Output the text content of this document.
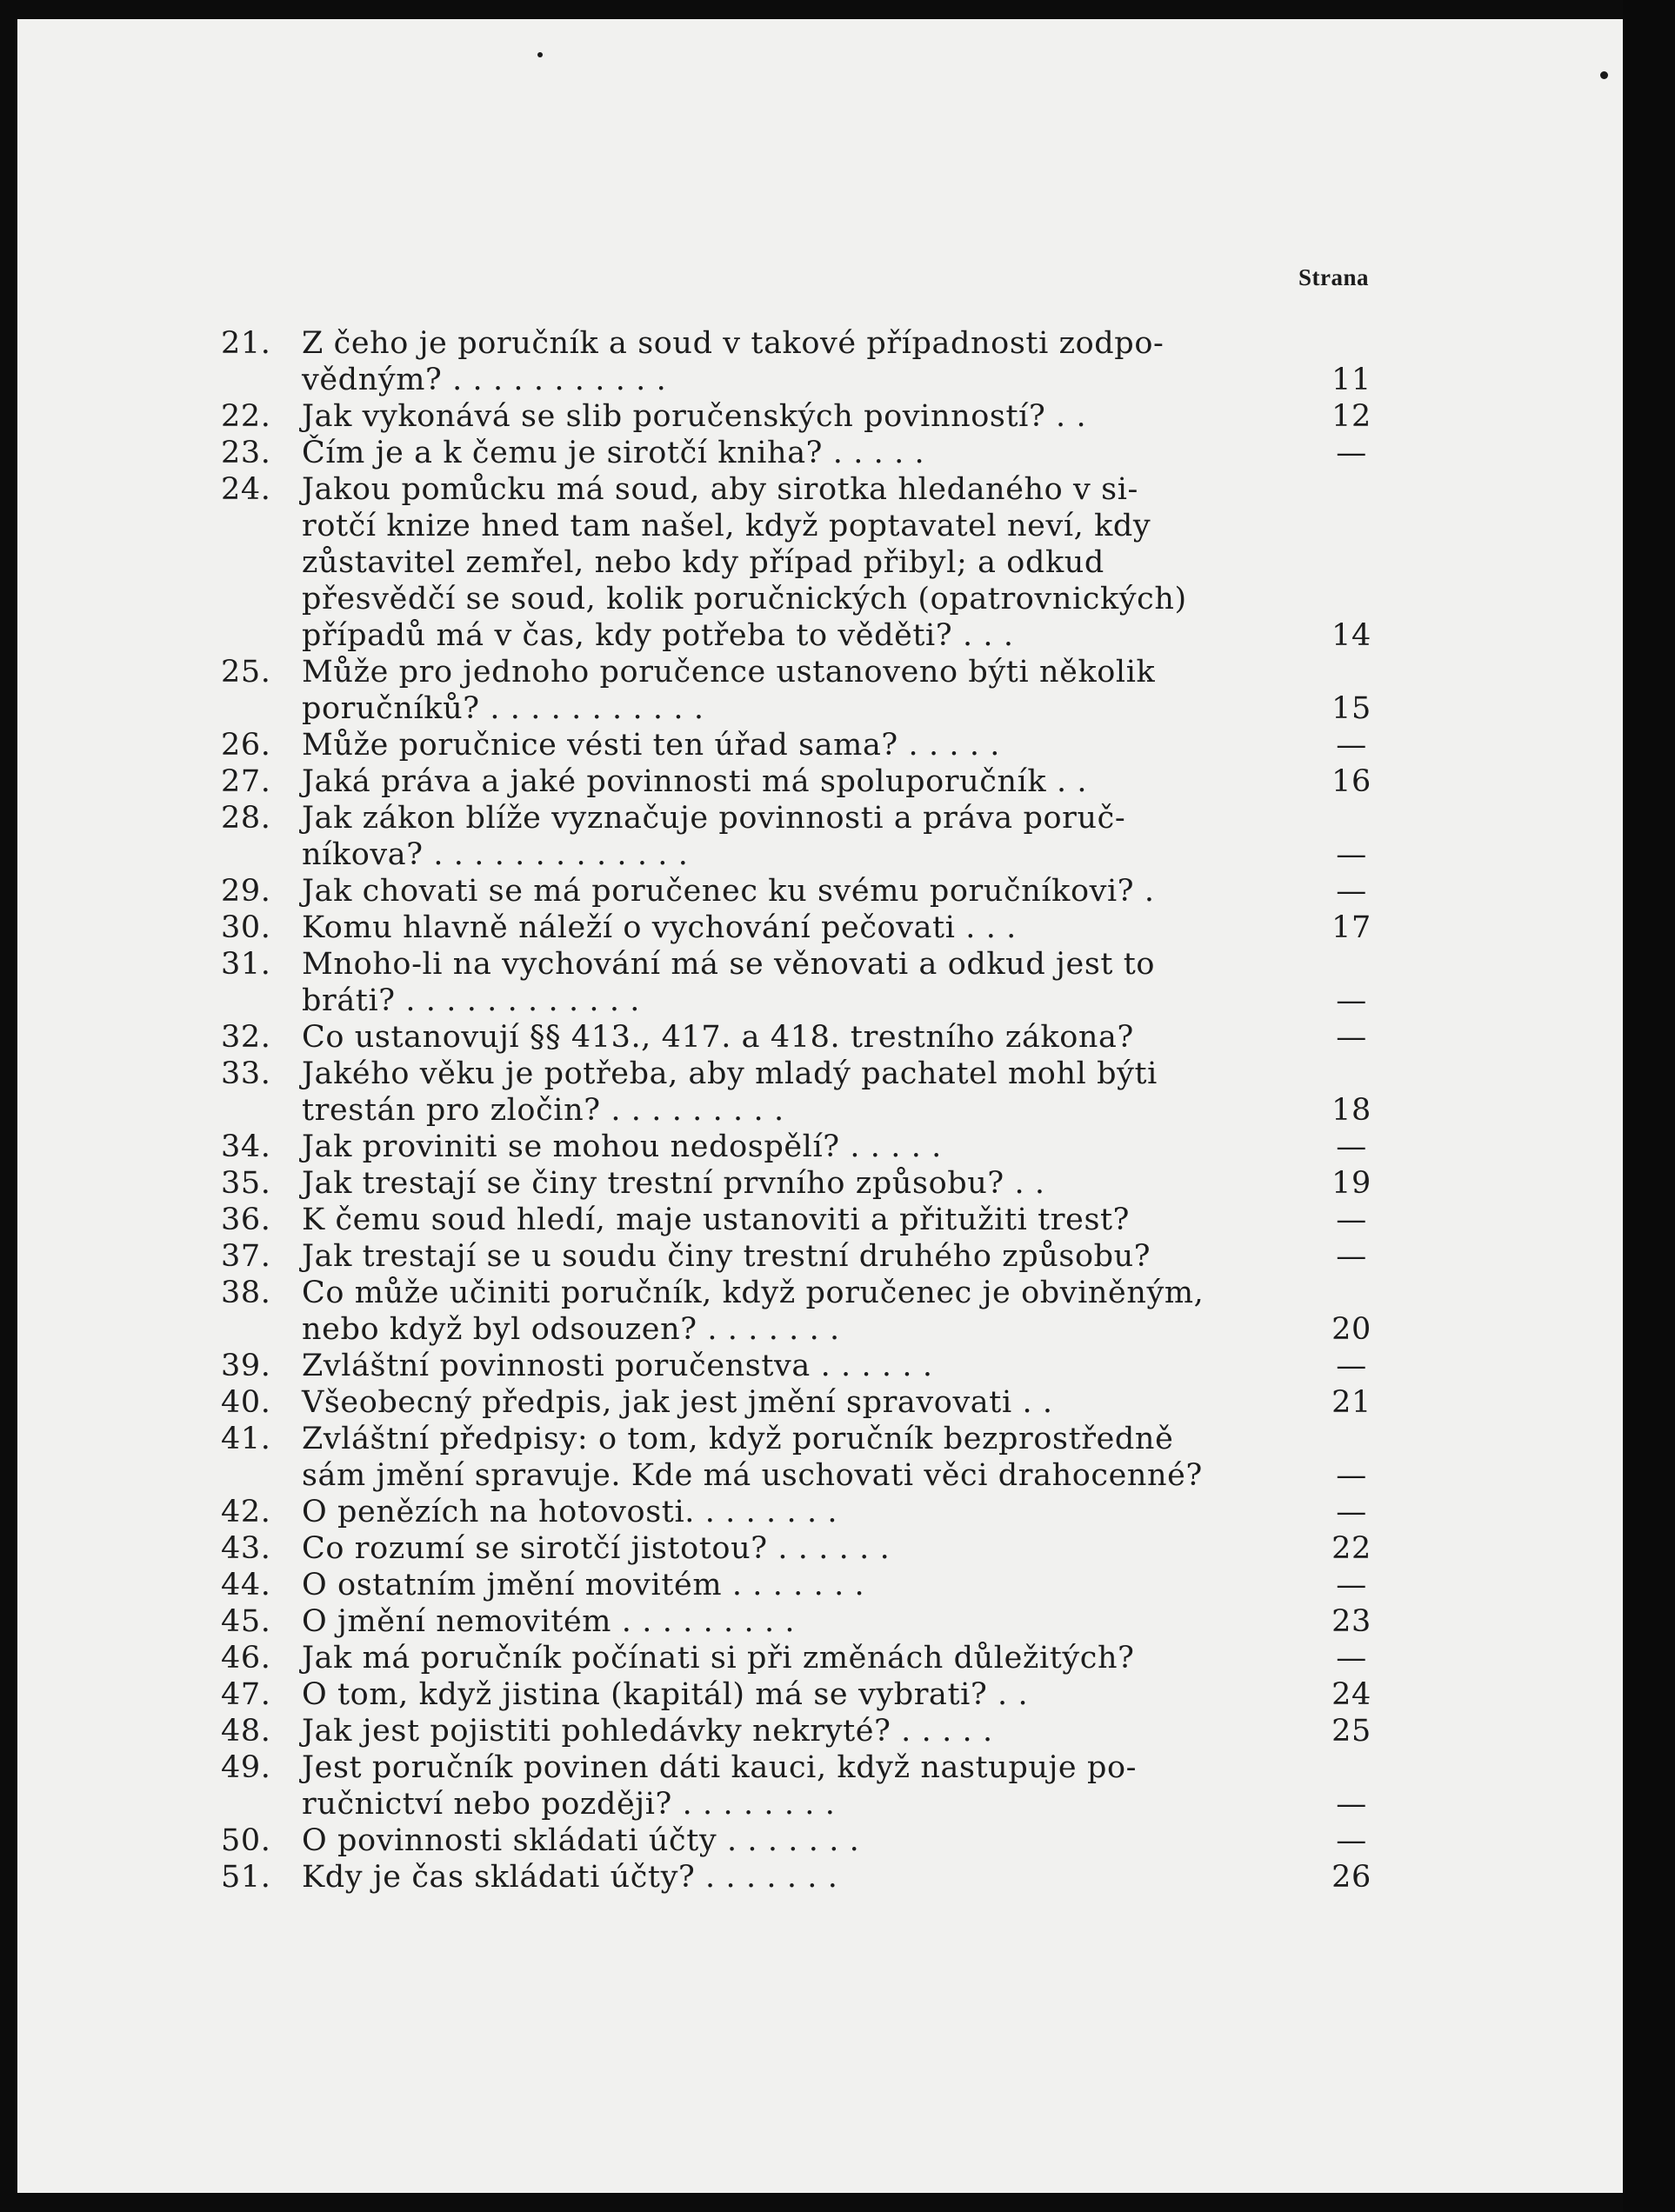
Strana
21.	Z čeho je poručník a soud v takové případnosti zodpo-
vědným? . . . . . . . . . . .	11
22.	Jak vykonává se slib poručenských povinností? . .	12
23.	Čím je a k čemu je sirotčí kniha? . . . . .	—
24.	Jakou pomůcku má soud, aby sirotka hledaného v si-
rotčí knize hned tam našel, když poptavatel neví, kdy
zůstavitel zemřel, nebo kdy případ přibyl; a odkud
přesvědčí se soud, kolik poručnických (opatrovnických)
případů má v čas, kdy potřeba to věděti? . . .	14
25.	Může pro jednoho poručence ustanoveno býti několik
poručníků? . . . . . . . . . . .	15
26.	Může poručnice vésti ten úřad sama? . . . . .	—
27.	Jaká práva a jaké povinnosti má spoluporučník . .	16
28.	Jak zákon blíže vyznačuje povinnosti a práva poruč-
níkova? . . . . . . . . . . . . .	—
29.	Jak chovati se má poručenec ku svému poručníkovi? .	—
30.	Komu hlavně náleží o vychování pečovati . . .	17
31.	Mnoho-li na vychování má se věnovati a odkud jest to
bráti? . . . . . . . . . . . .	—
32.	Co ustanovují §§ 413., 417. a 418. trestního zákona?	—
33.	Jakého věku je potřeba, aby mladý pachatel mohl býti
trestán pro zločin? . . . . . . . . .	18
34.	Jak proviniti se mohou nedospělí? . . . . .	—
35.	Jak trestají se činy trestní prvního způsobu? . .	19
36.	K čemu soud hledí, maje ustanoviti a přitužiti trest?	—
37.	Jak trestají se u soudu činy trestní druhého způsobu?	—
38.	Co může učiniti poručník, když poručenec je obviněným,
nebo když byl odsouzen? . . . . . . .	20
39.	Zvláštní povinnosti poručenstva . . . . . .	—
40.	Všeobecný předpis, jak jest jmění spravovati . .	21
41.	Zvláštní předpisy: o tom, když poručník bezprostředně
sám jmění spravuje. Kde má uschovati věci drahocenné?	—
42.	O penězích na hotovosti. . . . . . . .	—
43.	Co rozumí se sirotčí jistotou? . . . . . .	22
44.	O ostatním jmění movitém . . . . . . .	—
45.	O jmění nemovitém . . . . . . . . .	23
46.	Jak má poručník počínati si při změnách důležitých?	—
47.	O tom, když jistina (kapitál) má se vybrati? . .	24
48.	Jak jest pojistiti pohledávky nekryté? . . . . .	25
49.	Jest poručník povinen dáti kauci, když nastupuje po-
ručnictví nebo později? . . . . . . . .	—
50.	O povinnosti skládati účty . . . . . . .	—
51.	Kdy je čas skládati účty? . . . . . . .	26
